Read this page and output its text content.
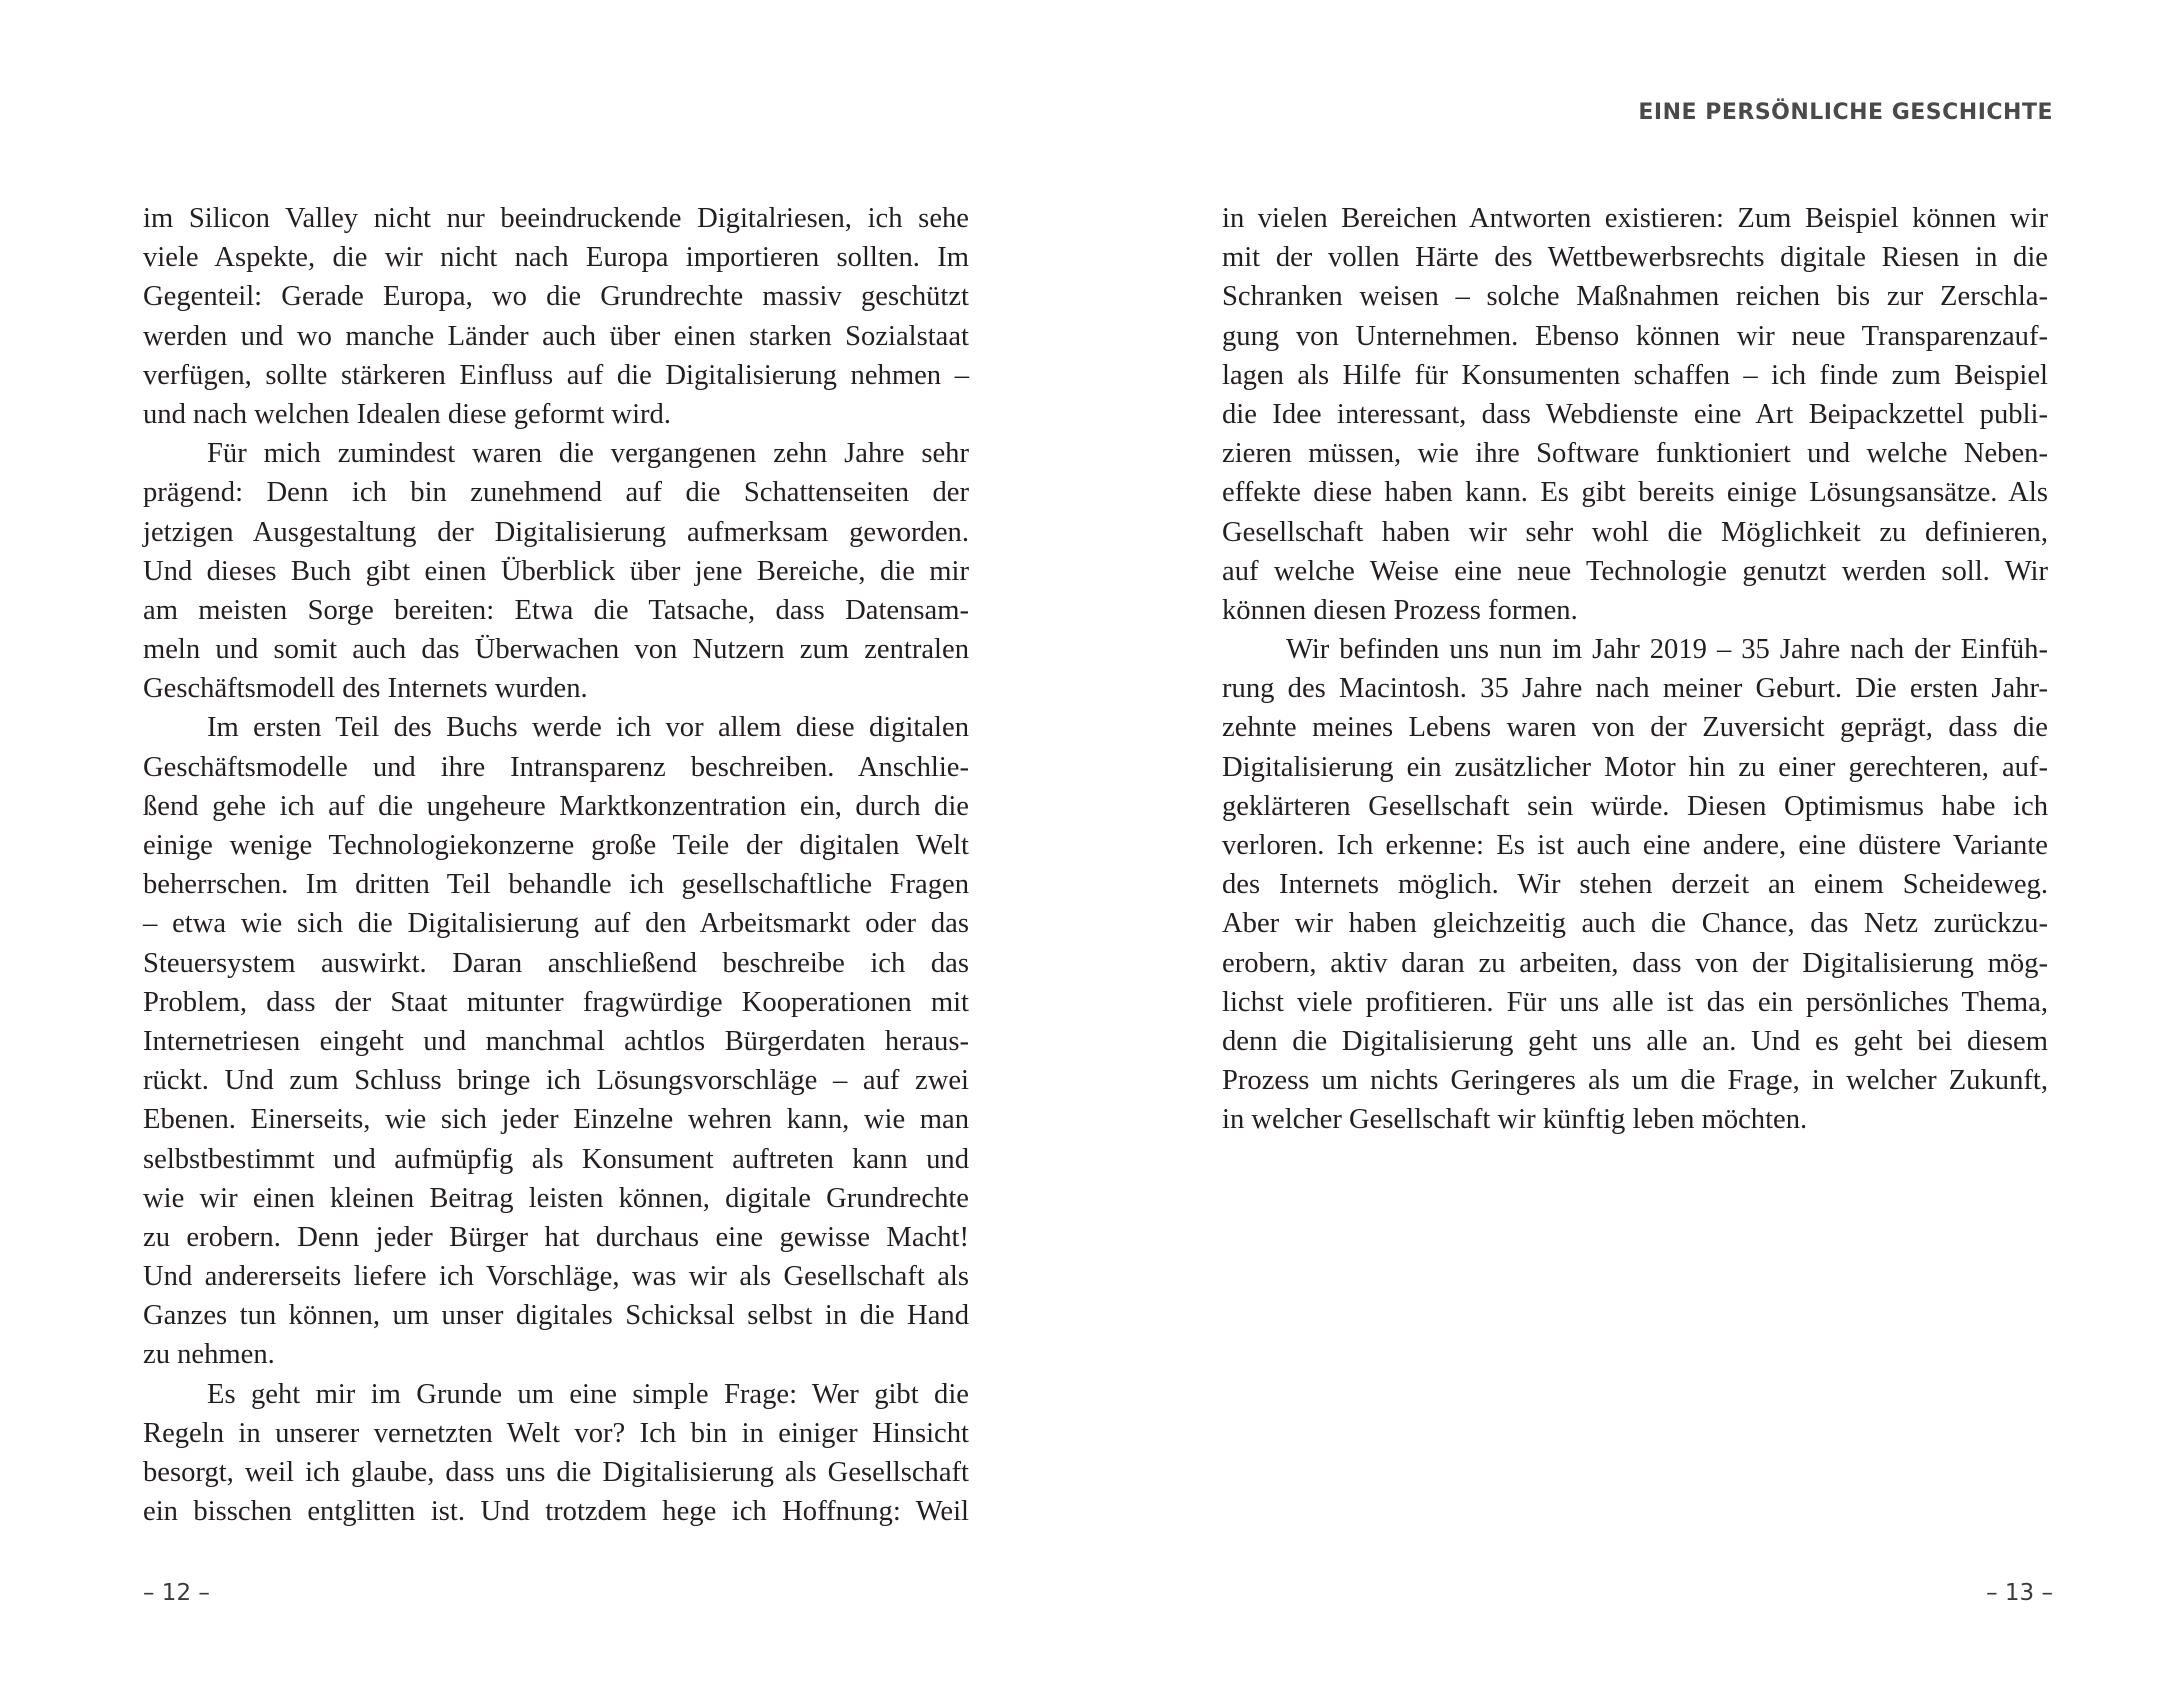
EINE PERSÖNLICHE GESCHICHTE
im Silicon Valley nicht nur beeindruckende Digitalriesen, ich sehe
viele Aspekte, die wir nicht nach Europa importieren sollten. Im
Gegenteil: Gerade Europa, wo die Grundrechte massiv geschützt
werden und wo manche Länder auch über einen starken Sozialstaat
verfügen, sollte stärkeren Einfluss auf die Digitalisierung nehmen –
und nach welchen Idealen diese geformt wird.
Für mich zumindest waren die vergangenen zehn Jahre sehr
prägend: Denn ich bin zunehmend auf die Schattenseiten der
jetzigen Ausgestaltung der Digitalisierung aufmerksam geworden.
Und dieses Buch gibt einen Überblick über jene Bereiche, die mir
am meisten Sorge bereiten: Etwa die Tatsache, dass Datensam-
meln und somit auch das Überwachen von Nutzern zum zentralen
Geschäftsmodell des Internets wurden.
Im ersten Teil des Buchs werde ich vor allem diese digitalen
Geschäftsmodelle und ihre Intransparenz beschreiben. Anschlie-
ßend gehe ich auf die ungeheure Marktkonzentration ein, durch die
einige wenige Technologiekonzerne große Teile der digitalen Welt
beherrschen. Im dritten Teil behandle ich gesellschaftliche Fragen
– etwa wie sich die Digitalisierung auf den Arbeitsmarkt oder das
Steuersystem auswirkt. Daran anschließend beschreibe ich das
Problem, dass der Staat mitunter fragwürdige Kooperationen mit
Internetriesen eingeht und manchmal achtlos Bürgerdaten heraus-
rückt. Und zum Schluss bringe ich Lösungsvorschläge – auf zwei
Ebenen. Einerseits, wie sich jeder Einzelne wehren kann, wie man
selbstbestimmt und aufmüpfig als Konsument auftreten kann und
wie wir einen kleinen Beitrag leisten können, digitale Grundrechte
zu erobern. Denn jeder Bürger hat durchaus eine gewisse Macht!
Und andererseits liefere ich Vorschläge, was wir als Gesellschaft als
Ganzes tun können, um unser digitales Schicksal selbst in die Hand
zu nehmen.
Es geht mir im Grunde um eine simple Frage: Wer gibt die
Regeln in unserer vernetzten Welt vor? Ich bin in einiger Hinsicht
besorgt, weil ich glaube, dass uns die Digitalisierung als Gesellschaft
ein bisschen entglitten ist. Und trotzdem hege ich Hoffnung: Weil
in vielen Bereichen Antworten existieren: Zum Beispiel können wir
mit der vollen Härte des Wettbewerbsrechts digitale Riesen in die
Schranken weisen – solche Maßnahmen reichen bis zur Zerschla-
gung von Unternehmen. Ebenso können wir neue Transparenzauf-
lagen als Hilfe für Konsumenten schaffen – ich finde zum Beispiel
die Idee interessant, dass Webdienste eine Art Beipackzettel publi-
zieren müssen, wie ihre Software funktioniert und welche Neben-
effekte diese haben kann. Es gibt bereits einige Lösungsansätze. Als
Gesellschaft haben wir sehr wohl die Möglichkeit zu definieren,
auf welche Weise eine neue Technologie genutzt werden soll. Wir
können diesen Prozess formen.
Wir befinden uns nun im Jahr 2019 – 35 Jahre nach der Einfüh-
rung des Macintosh. 35 Jahre nach meiner Geburt. Die ersten Jahr-
zehnte meines Lebens waren von der Zuversicht geprägt, dass die
Digitalisierung ein zusätzlicher Motor hin zu einer gerechteren, auf-
geklärteren Gesellschaft sein würde. Diesen Optimismus habe ich
verloren. Ich erkenne: Es ist auch eine andere, eine düstere Variante
des Internets möglich. Wir stehen derzeit an einem Scheideweg.
Aber wir haben gleichzeitig auch die Chance, das Netz zurückzu-
erobern, aktiv daran zu arbeiten, dass von der Digitalisierung mög-
lichst viele profitieren. Für uns alle ist das ein persönliches Thema,
denn die Digitalisierung geht uns alle an. Und es geht bei diesem
Prozess um nichts Geringeres als um die Frage, in welcher Zukunft,
in welcher Gesellschaft wir künftig leben möchten.
– 12 –	– 13 –
